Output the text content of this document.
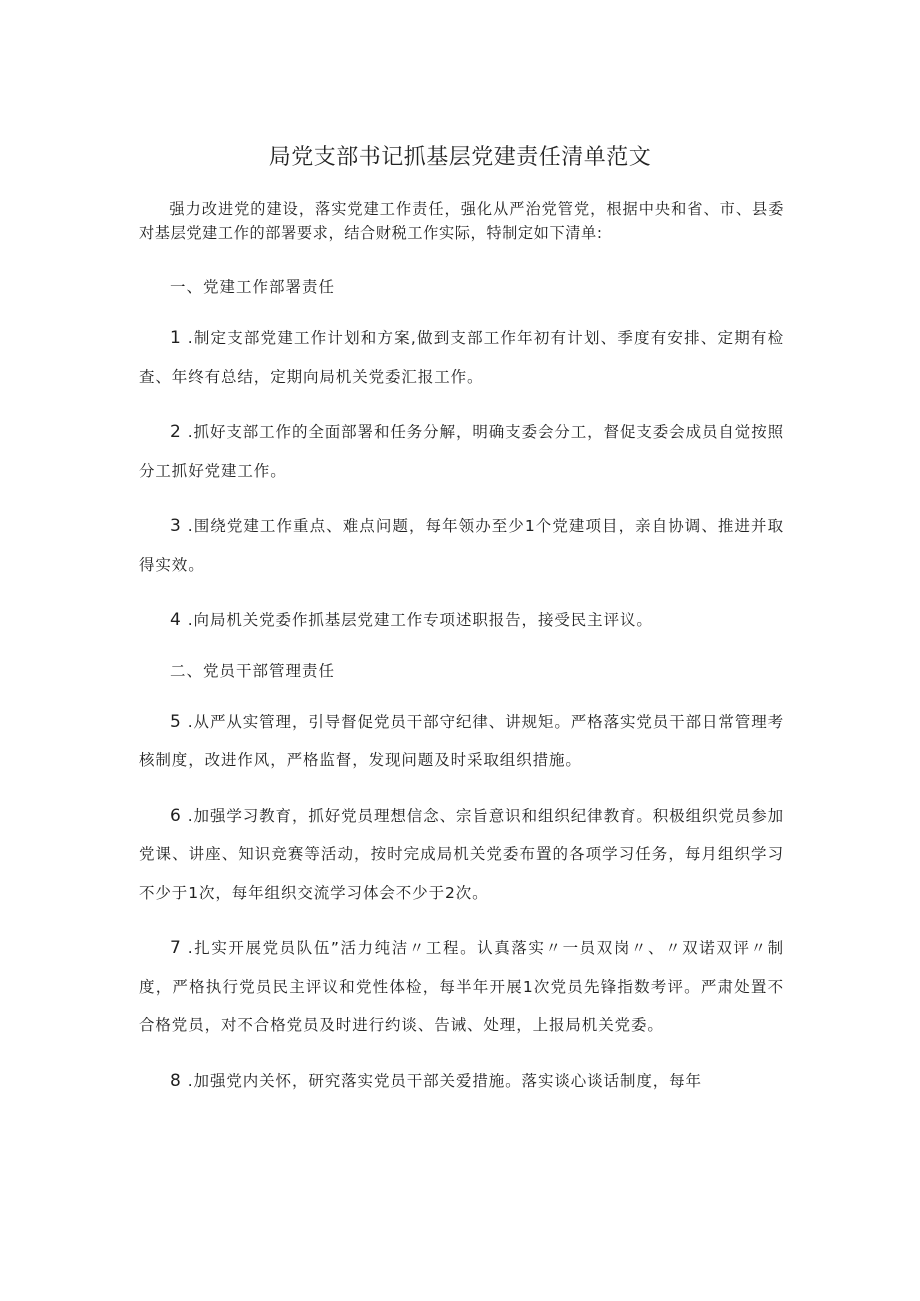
局党支部书记抓基层党建责任清单范文

强力改进党的建设，落实党建工作责任，强化从严治党管党，根据中央和省、市、县委对基层党建工作的部署要求，结合财税工作实际，特制定如下清单:

一、党建工作部署责任

1 .制定支部党建工作计划和方案,做到支部工作年初有计划、季度有安排、定期有检查、年终有总结，定期向局机关党委汇报工作。

2 .抓好支部工作的全面部署和任务分解，明确支委会分工，督促支委会成员自觉按照分工抓好党建工作。

3 .围绕党建工作重点、难点问题，每年领办至少1个党建项目，亲自协调、推进并取得实效。

4 .向局机关党委作抓基层党建工作专项述职报告，接受民主评议。

二、党员干部管理责任

5 .从严从实管理，引导督促党员干部守纪律、讲规矩。严格落实党员干部日常管理考核制度，改进作风，严格监督，发现问题及时采取组织措施。

6 .加强学习教育，抓好党员理想信念、宗旨意识和组织纪律教育。积极组织党员参加党课、讲座、知识竞赛等活动，按时完成局机关党委布置的各项学习任务，每月组织学习不少于1次，每年组织交流学习体会不少于2次。

7 .扎实开展党员队伍”活力纯洁〃工程。认真落实〃一员双岗〃、〃双诺双评〃制度，严格执行党员民主评议和党性体检，每半年开展1次党员先锋指数考评。严肃处置不合格党员，对不合格党员及时进行约谈、告诫、处理，上报局机关党委。

8 .加强党内关怀，研究落实党员干部关爱措施。落实谈心谈话制度，每年
